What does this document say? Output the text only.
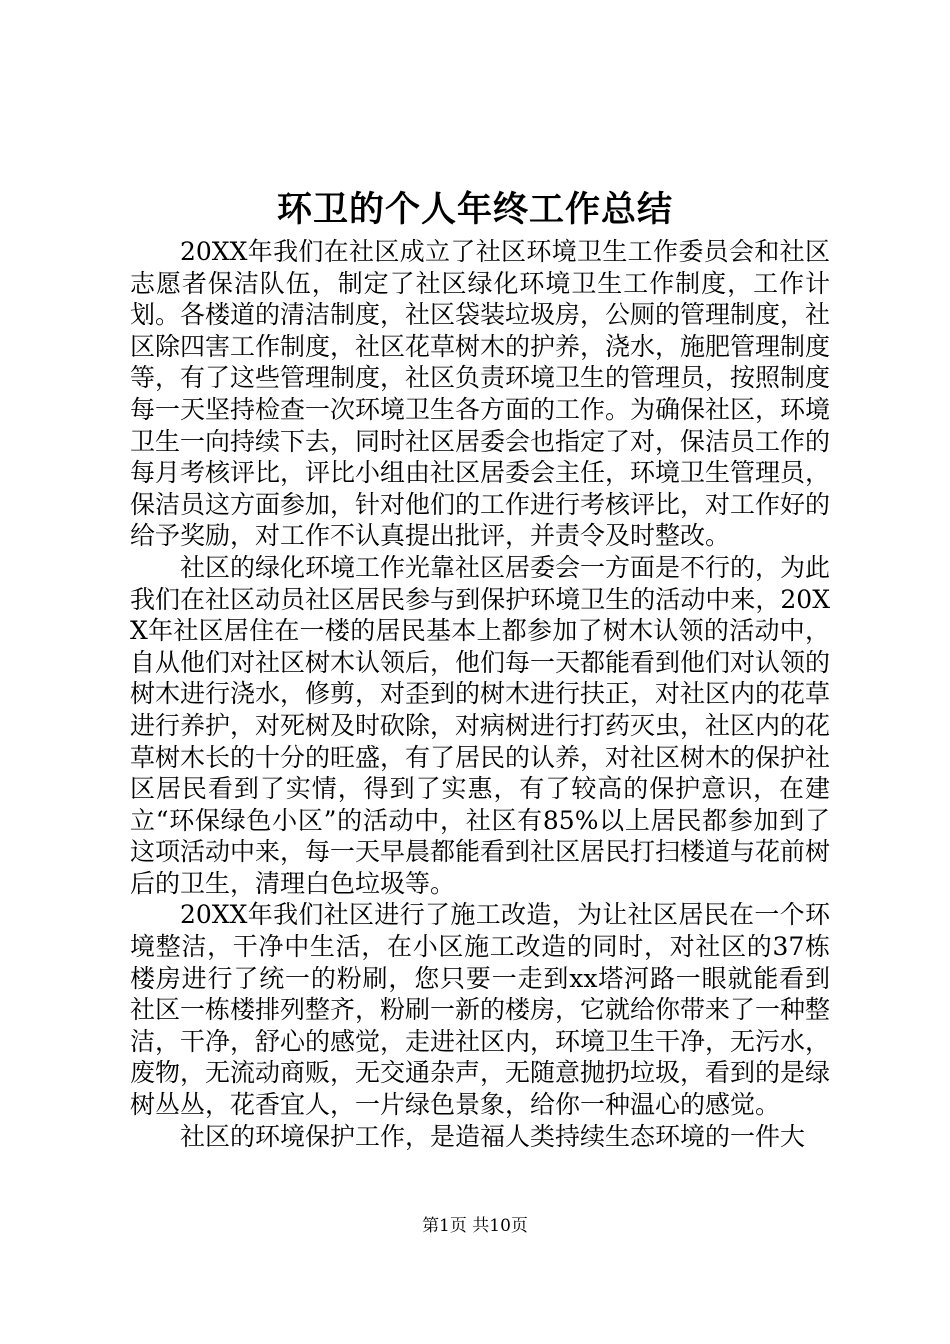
环卫的个人年终工作总结

20XX年我们在社区成立了社区环境卫生工作委员会和社区志愿者保洁队伍，制定了社区绿化环境卫生工作制度，工作计划。各楼道的清洁制度，社区袋装垃圾房，公厕的管理制度，社区除四害工作制度，社区花草树木的护养，浇水，施肥管理制度等，有了这些管理制度，社区负责环境卫生的管理员，按照制度每一天坚持检查一次环境卫生各方面的工作。为确保社区，环境卫生一向持续下去，同时社区居委会也指定了对，保洁员工作的每月考核评比，评比小组由社区居委会主任，环境卫生管理员，保洁员这方面参加，针对他们的工作进行考核评比，对工作好的给予奖励，对工作不认真提出批评，并责令及时整改。

社区的绿化环境工作光靠社区居委会一方面是不行的，为此我们在社区动员社区居民参与到保护环境卫生的活动中来，20XX年社区居住在一楼的居民基本上都参加了树木认领的活动中，自从他们对社区树木认领后，他们每一天都能看到他们对认领的树木进行浇水，修剪，对歪到的树木进行扶正，对社区内的花草进行养护，对死树及时砍除，对病树进行打药灭虫，社区内的花草树木长的十分的旺盛，有了居民的认养，对社区树木的保护社区居民看到了实情，得到了实惠，有了较高的保护意识，在建立“环保绿色小区”的活动中，社区有85%以上居民都参加到了这项活动中来，每一天早晨都能看到社区居民打扫楼道与花前树后的卫生，清理白色垃圾等。

20XX年我们社区进行了施工改造，为让社区居民在一个环境整洁，干净中生活，在小区施工改造的同时，对社区的37栋楼房进行了统一的粉刷，您只要一走到xx塔河路一眼就能看到社区一栋楼排列整齐，粉刷一新的楼房，它就给你带来了一种整洁，干净，舒心的感觉，走进社区内，环境卫生干净，无污水，废物，无流动商贩，无交通杂声，无随意抛扔垃圾，看到的是绿树丛丛，花香宜人，一片绿色景象，给你一种温心的感觉。

社区的环境保护工作，是造福人类持续生态环境的一件大

第1页 共10页
